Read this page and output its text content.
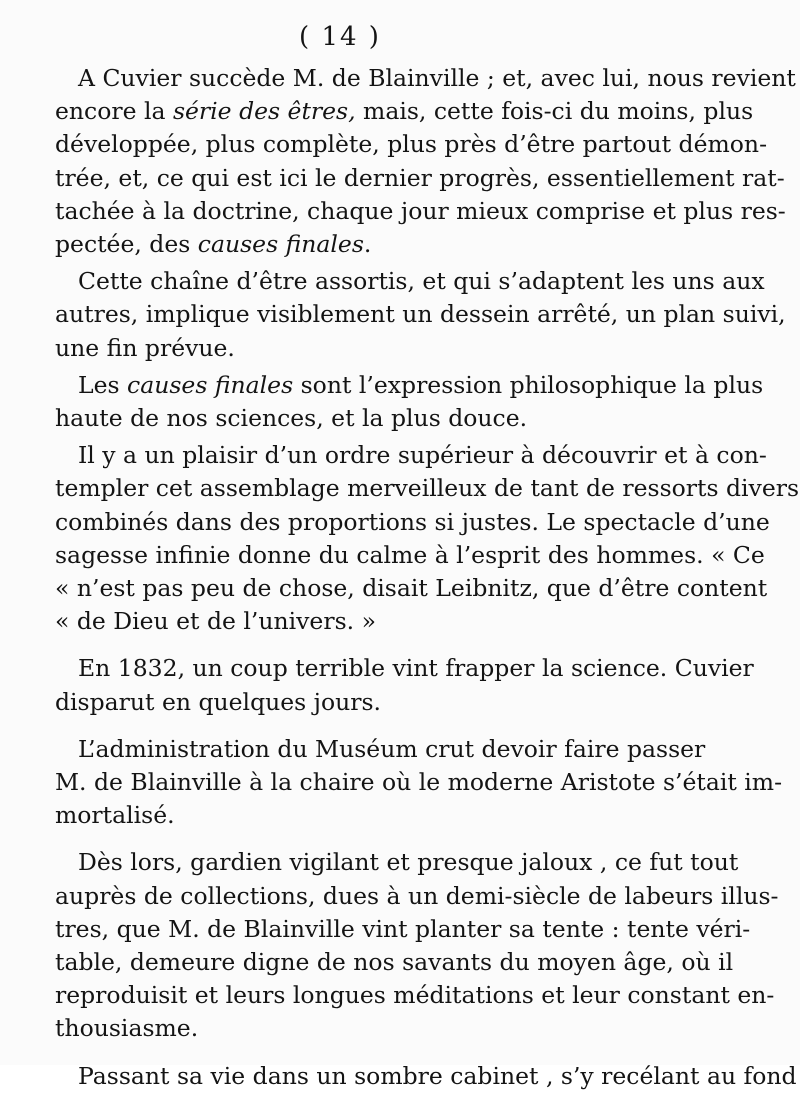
( 14 )
A Cuvier succède M. de Blainville ; et, avec lui, nous revient
encore la série des êtres, mais, cette fois-ci du moins, plus
développée, plus complète, plus près d’être partout démon-
trée, et, ce qui est ici le dernier progrès, essentiellement rat-
tachée à la doctrine, chaque jour mieux comprise et plus res-
pectée, des causes finales.
Cette chaîne d’être assortis, et qui s’adaptent les uns aux
autres, implique visiblement un dessein arrêté, un plan suivi,
une fin prévue.
Les causes finales sont l’expression philosophique la plus
haute de nos sciences, et la plus douce.
Il y a un plaisir d’un ordre supérieur à découvrir et à con-
templer cet assemblage merveilleux de tant de ressorts divers
combinés dans des proportions si justes. Le spectacle d’une
sagesse infinie donne du calme à l’esprit des hommes. « Ce
« n’est pas peu de chose, disait Leibnitz, que d’être content
« de Dieu et de l’univers. »
En 1832, un coup terrible vint frapper la science. Cuvier
disparut en quelques jours.
L’administration du Muséum crut devoir faire passer
M. de Blainville à la chaire où le moderne Aristote s’était im-
mortalisé.
Dès lors, gardien vigilant et presque jaloux , ce fut tout
auprès de collections, dues à un demi-siècle de labeurs illus-
tres, que M. de Blainville vint planter sa tente : tente véri-
table, demeure digne de nos savants du moyen âge, où il
reproduisit et leurs longues méditations et leur constant en-
thousiasme.
Passant sa vie dans un sombre cabinet , s’y recélant au fond
